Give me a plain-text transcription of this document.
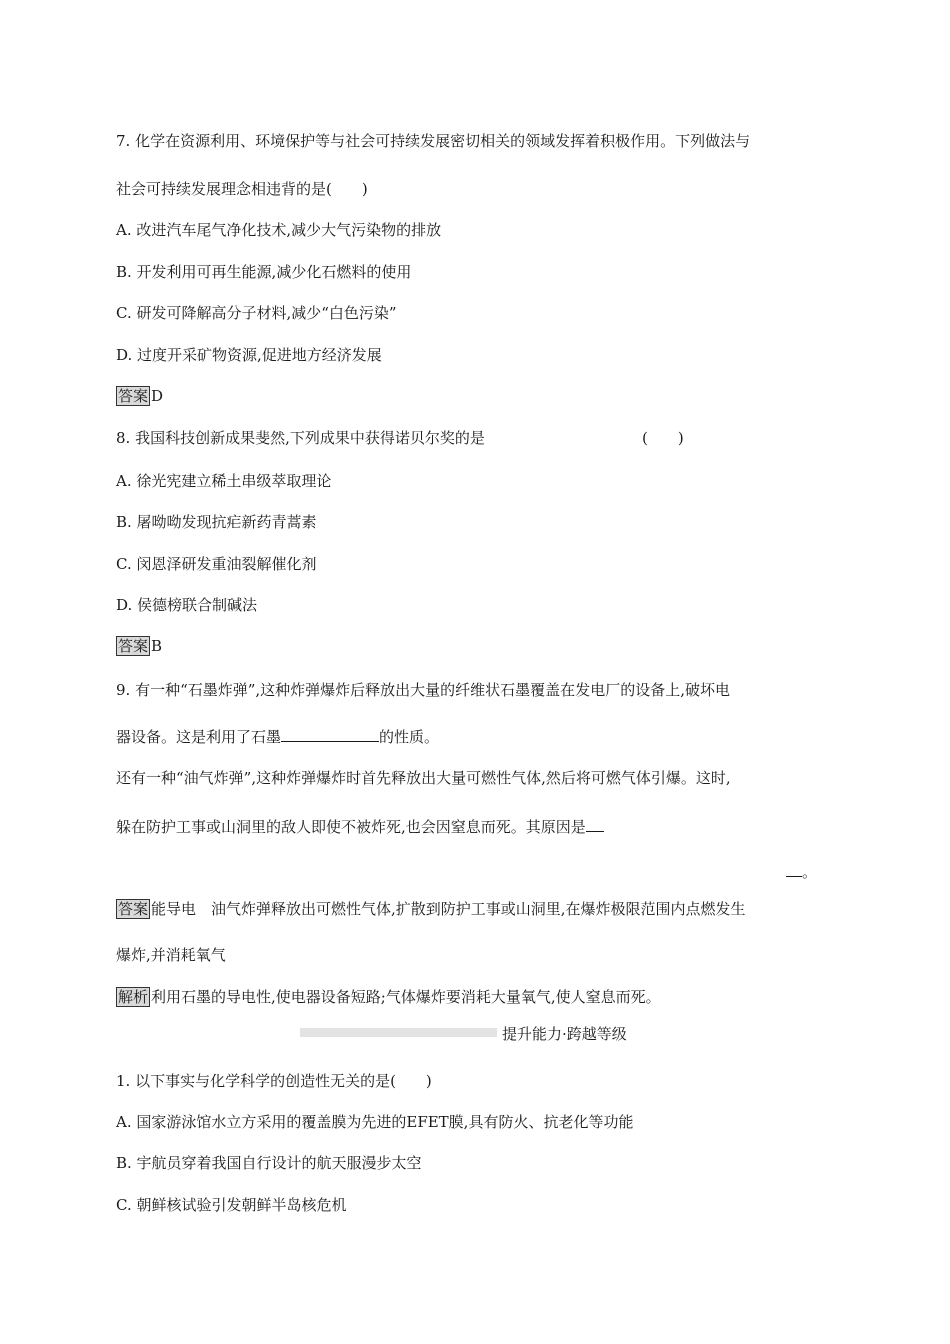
7. 化学在资源利用、环境保护等与社会可持续发展密切相关的领域发挥着积极作用。下列做法与
社会可持续发展理念相违背的是(　　)
A. 改进汽车尾气净化技术,减少大气污染物的排放
B. 开发利用可再生能源,减少化石燃料的使用
C. 研发可降解高分子材料,减少“白色污染”
D. 过度开采矿物资源,促进地方经济发展
答案 D
8. 我国科技创新成果斐然,下列成果中获得诺贝尔奖的是	(　　)
A. 徐光宪建立稀土串级萃取理论
B. 屠呦呦发现抗疟新药青蒿素
C. 闵恩泽研发重油裂解催化剂
D. 侯德榜联合制碱法
答案 B
9. 有一种“石墨炸弹”,这种炸弹爆炸后释放出大量的纤维状石墨覆盖在发电厂的设备上,破坏电
器设备。这是利用了石墨	的性质。
还有一种“油气炸弹”,这种炸弹爆炸时首先释放出大量可燃性气体,然后将可燃气体引爆。这时,
躲在防护工事或山洞里的敌人即使不被炸死,也会因窒息而死。其原因是
。
答案 能导电　油气炸弹释放出可燃性气体,扩散到防护工事或山洞里,在爆炸极限范围内点燃发生
爆炸,并消耗氧气
解析 利用石墨的导电性,使电器设备短路;气体爆炸要消耗大量氧气,使人窒息而死。
提升能力·跨越等级
1. 以下事实与化学科学的创造性无关的是(　　)
A. 国家游泳馆水立方采用的覆盖膜为先进的EFET膜,具有防火、抗老化等功能
B. 宇航员穿着我国自行设计的航天服漫步太空
C. 朝鲜核试验引发朝鲜半岛核危机
